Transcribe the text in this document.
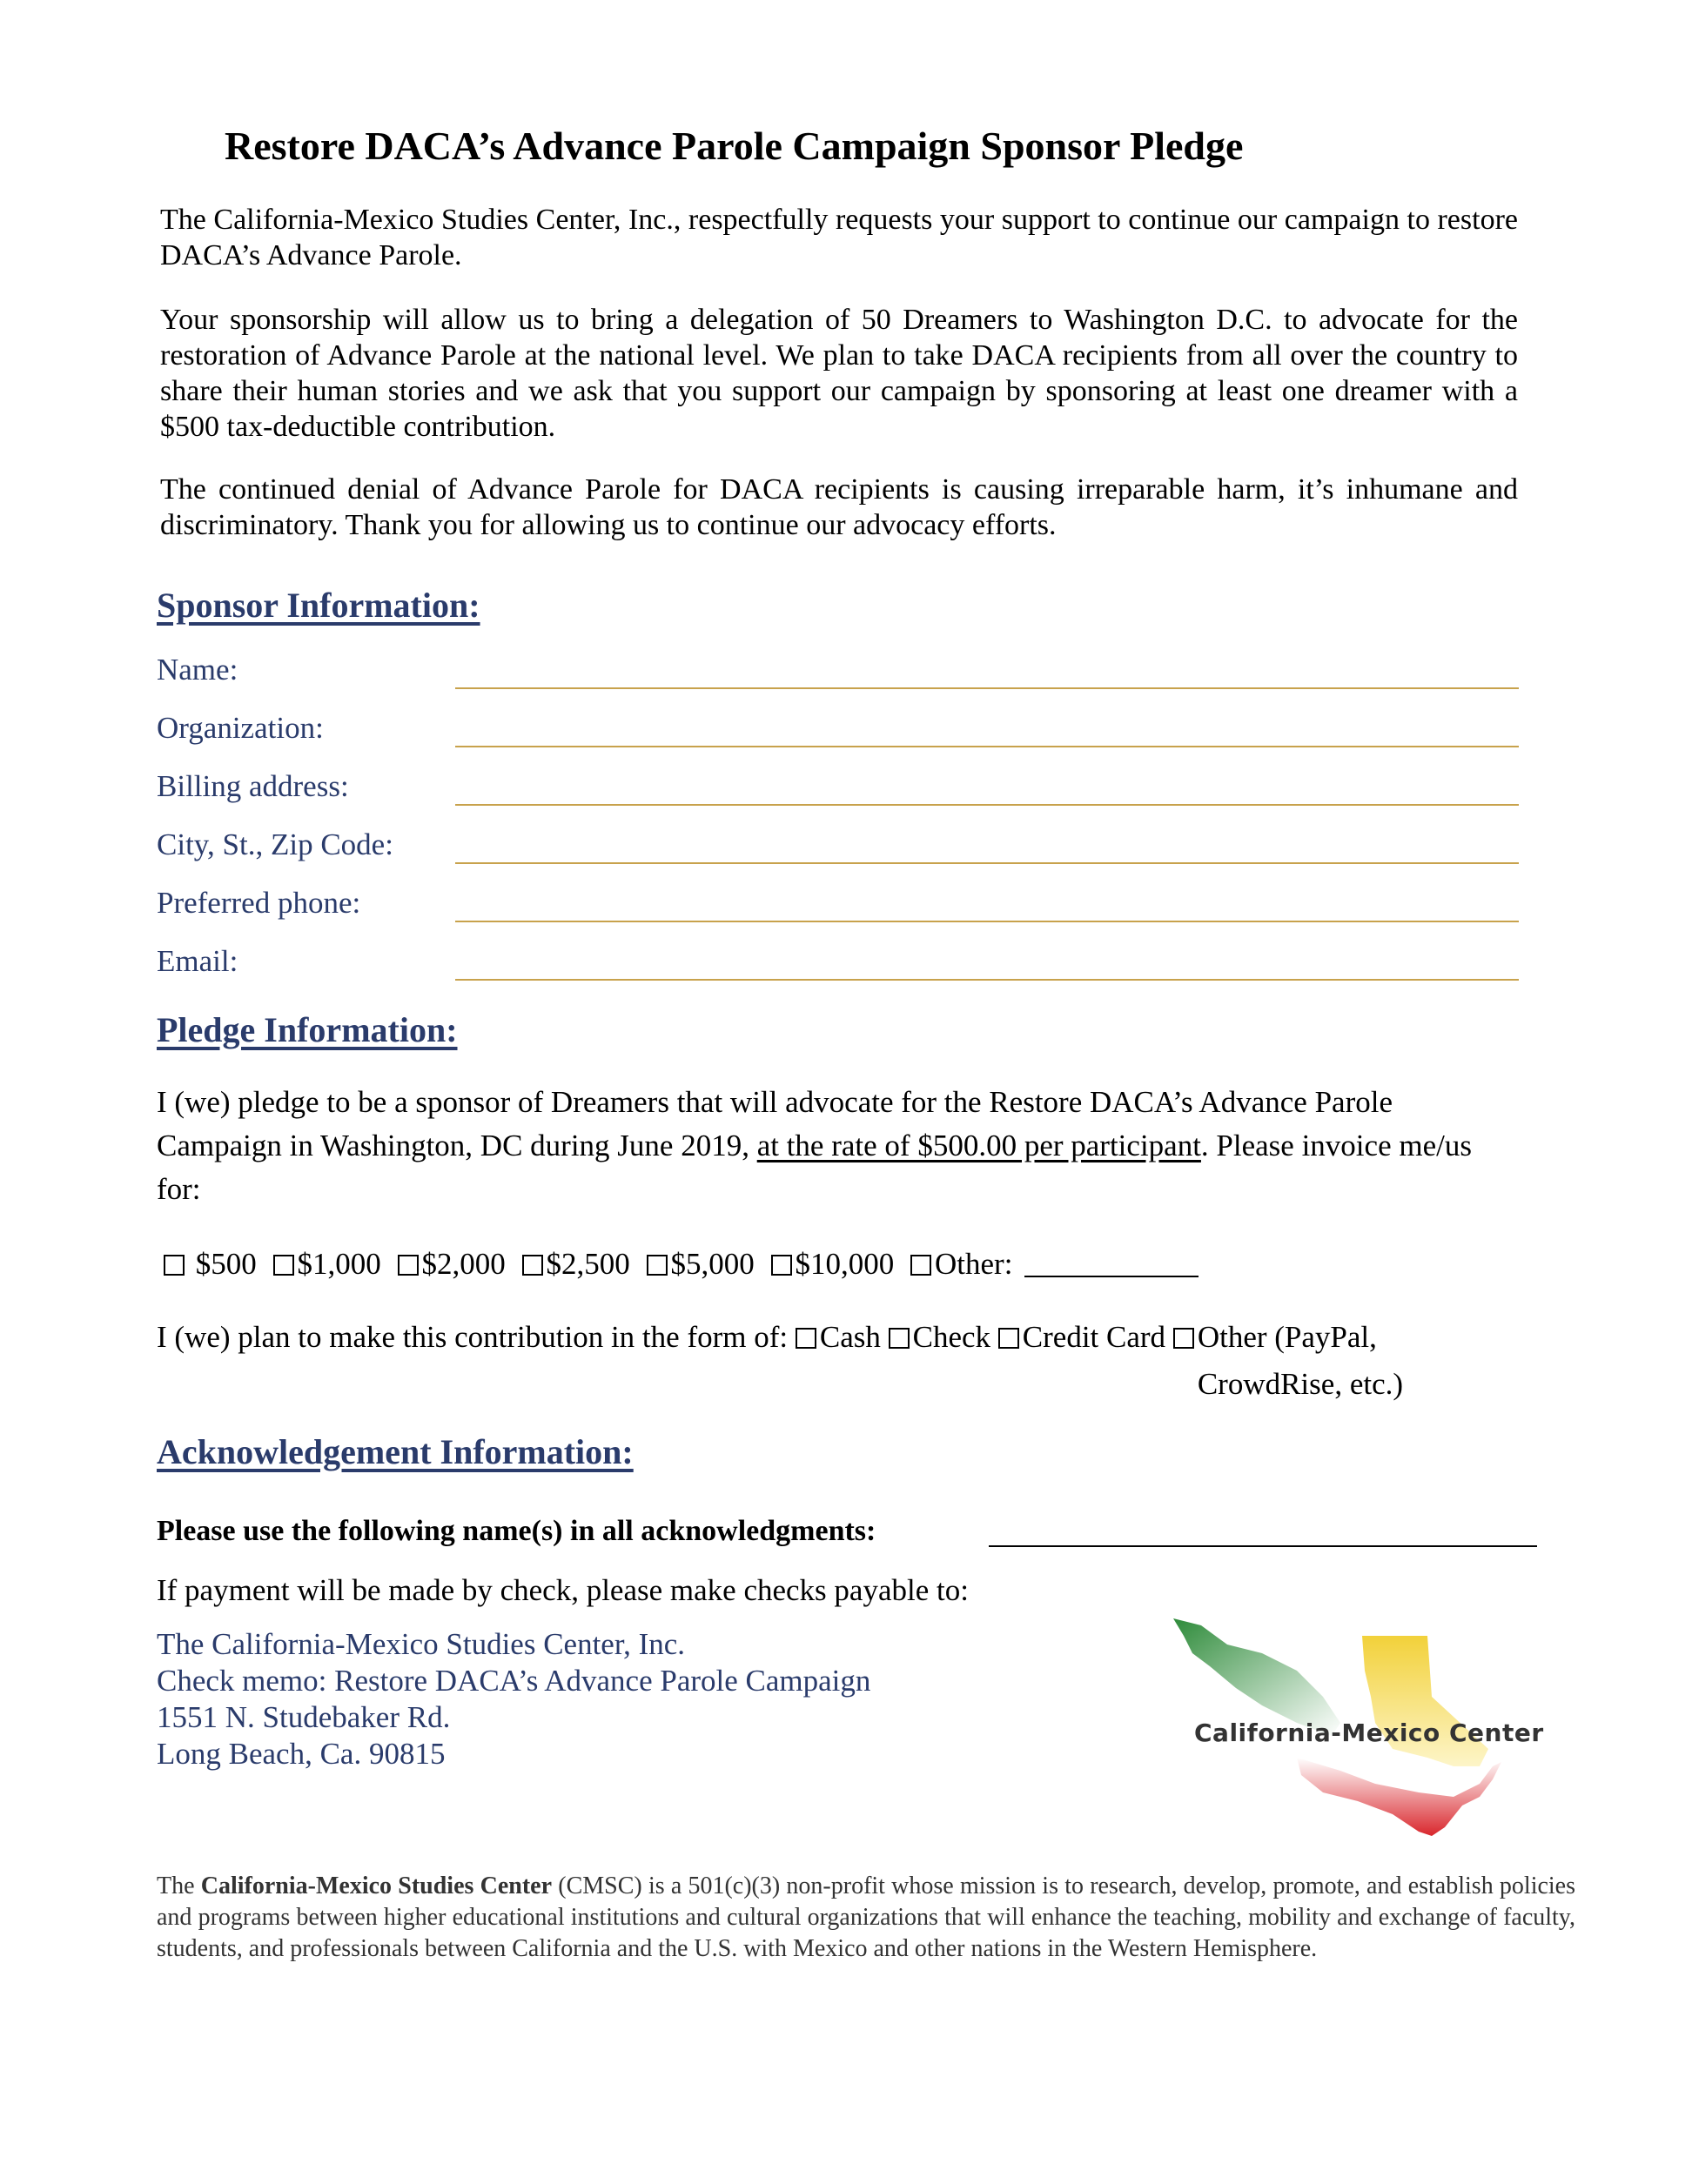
Restore DACA’s Advance Parole Campaign Sponsor Pledge

The California-Mexico Studies Center, Inc., respectfully requests your support to continue our campaign to restore DACA’s Advance Parole.

Your sponsorship will allow us to bring a delegation of 50 Dreamers to Washington D.C. to advocate for the restoration of Advance Parole at the national level. We plan to take DACA recipients from all over the country to share their human stories and we ask that you support our campaign by sponsoring at least one dreamer with a $500 tax-deductible contribution.

The continued denial of Advance Parole for DACA recipients is causing irreparable harm, it’s inhumane and discriminatory. Thank you for allowing us to continue our advocacy efforts.

Sponsor Information:
Name:
Organization:
Billing address:
City, St., Zip Code:
Preferred phone:
Email:
Pledge Information:
I (we) pledge to be a sponsor of Dreamers that will advocate for the Restore DACA’s Advance Parole Campaign in Washington, DC during June 2019, at the rate of $500.00 per participant. Please invoice me/us for:
$500 $1,000 $2,000 $2,500 $5,000 $10,000 Other:
I (we) plan to make this contribution in the form of: Cash Check Credit Card Other (PayPal, CrowdRise, etc.)
Acknowledgement Information:
Please use the following name(s) in all acknowledgments:
If payment will be made by check, please make checks payable to:
The California-Mexico Studies Center, Inc.
Check memo: Restore DACA’s Advance Parole Campaign
1551 N. Studebaker Rd.
Long Beach, Ca. 90815
California-Mexico Center
The California-Mexico Studies Center (CMSC) is a 501(c)(3) non-profit whose mission is to research, develop, promote, and establish policies and programs between higher educational institutions and cultural organizations that will enhance the teaching, mobility and exchange of faculty, students, and professionals between California and the U.S. with Mexico and other nations in the Western Hemisphere.
